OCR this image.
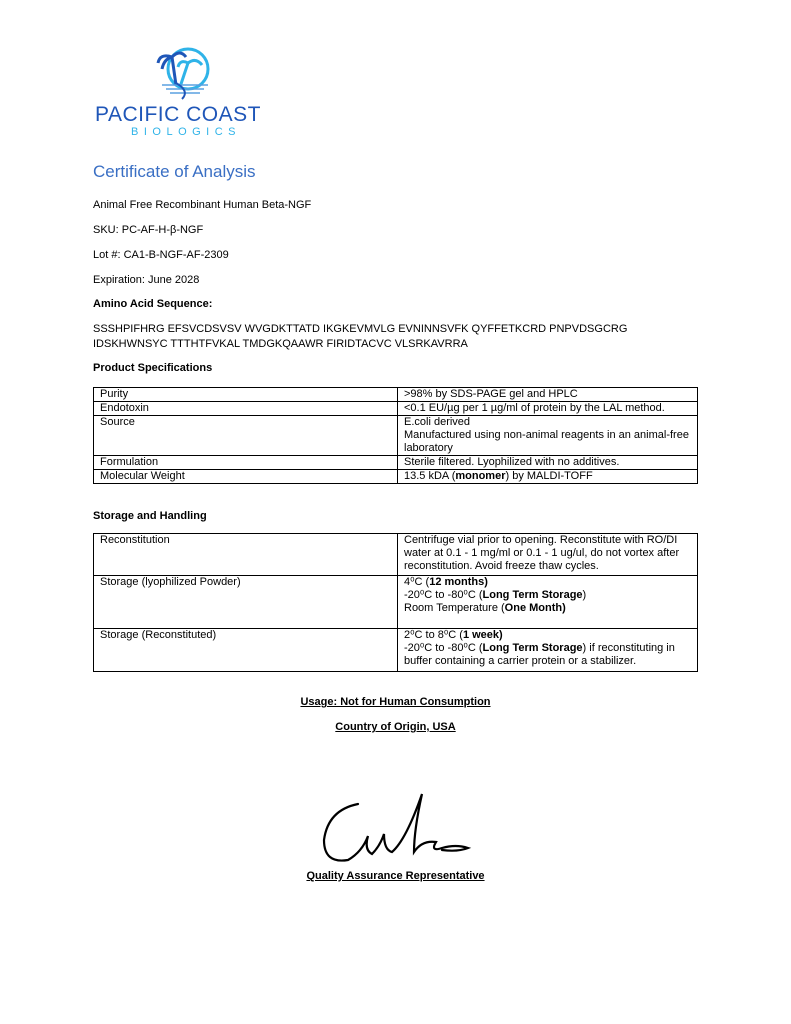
PACIFIC COAST
BIOLOGICS
Certificate of Analysis
Animal Free Recombinant Human Beta-NGF
SKU: PC-AF-H-β-NGF
Lot #: CA1-B-NGF-AF-2309
Expiration: June 2028
Amino Acid Sequence:
SSSHPIFHRG EFSVCDSVSV WVGDKTTATD IKGKEVMVLG EVNINNSVFK QYFFETKCRD PNPVDSGCRG
IDSKHWNSYC TTTHTFVKAL TMDGKQAAWR FIRIDTACVC VLSRKAVRRA
Product Specifications
Purity	>98% by SDS-PAGE gel and HPLC
Endotoxin	<0.1 EU/µg per 1 µg/ml of protein by the LAL method.
Source	E.coli derived
Manufactured using non-animal reagents in an animal-free laboratory

Formulation	Sterile filtered. Lyophilized with no additives.
Molecular Weight	13.5 kDA (monomer) by MALDI-TOFF
Storage and Handling
Reconstitution	Centrifuge vial prior to opening. Reconstitute with RO/DI water at 0.1 - 1 mg/ml or 0.1 - 1 ug/ul, do not vortex after reconstitution. Avoid freeze thaw cycles.
Storage (lyophilized Powder)	4⁰C (12 months)
-20⁰C to -80⁰C (Long Term Storage)
Room Temperature (One Month)

Storage (Reconstituted)	2⁰C to 8⁰C (1 week)
-20⁰C to -80⁰C (Long Term Storage) if reconstituting in buffer containing a carrier protein or a stabilizer.
Usage: Not for Human Consumption
Country of Origin, USA
Quality Assurance Representative
